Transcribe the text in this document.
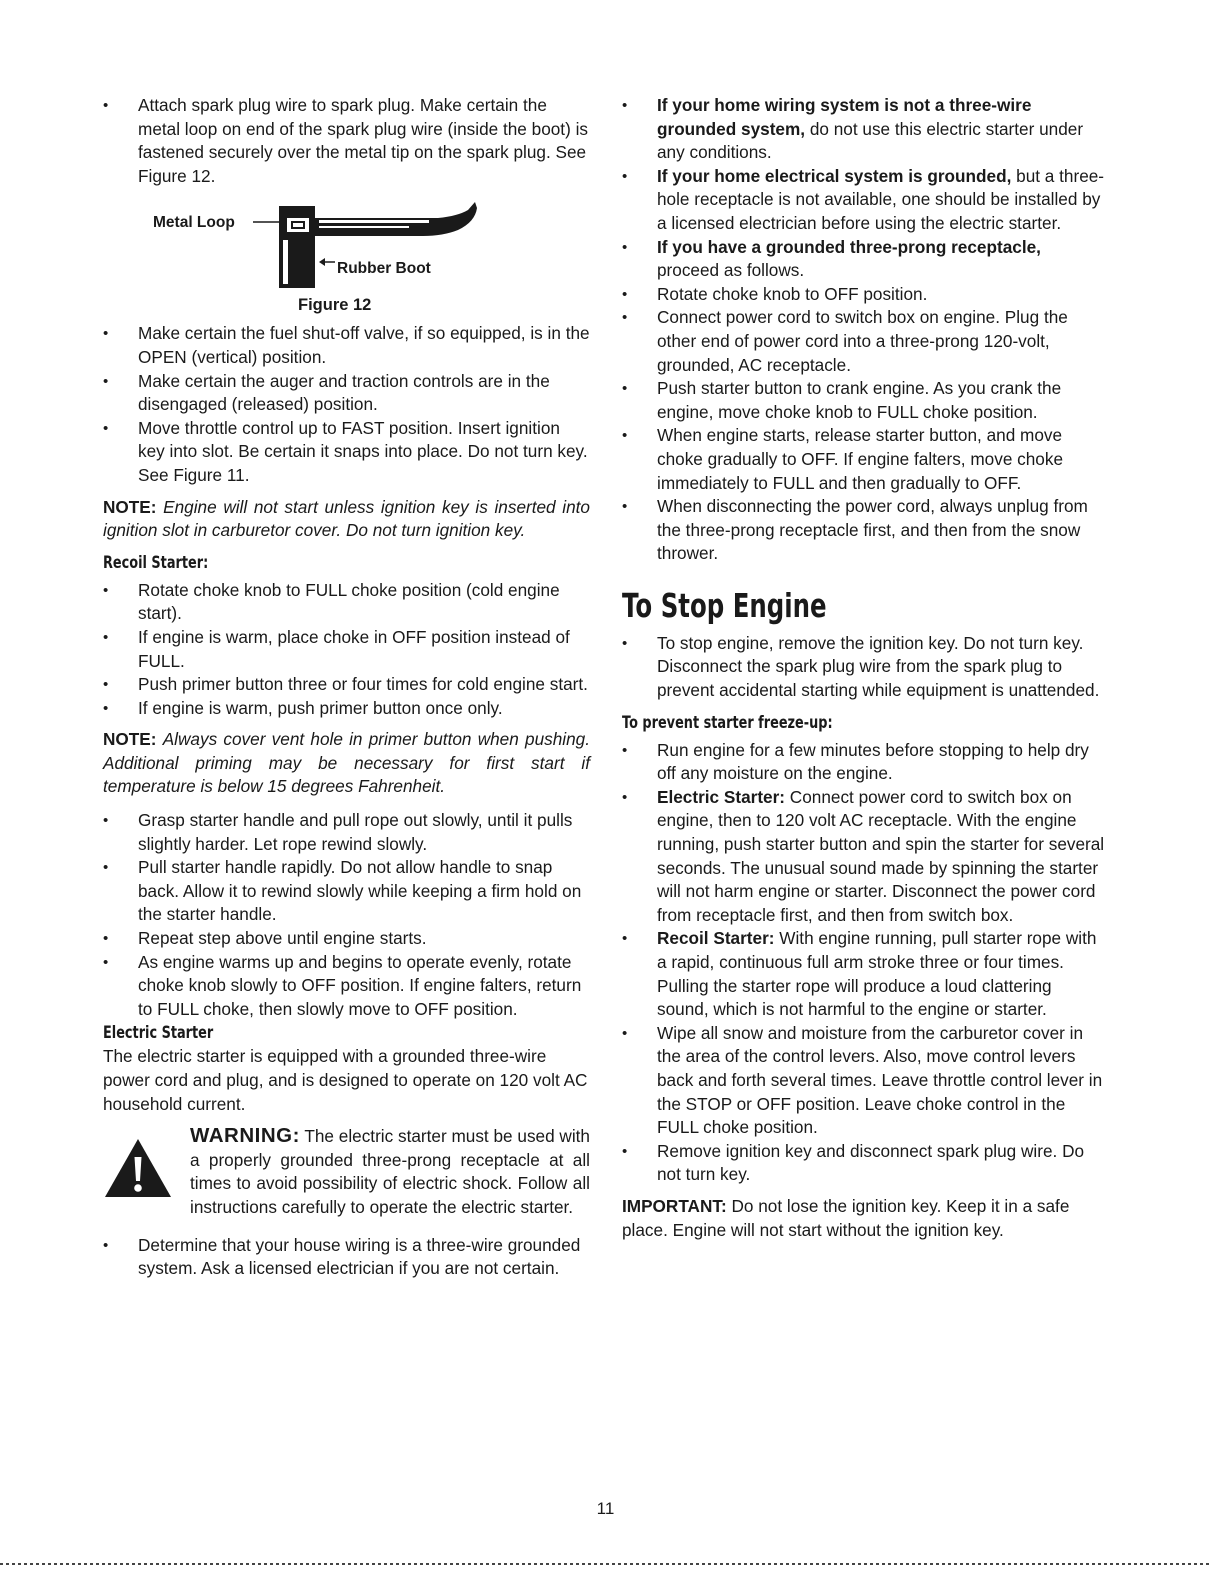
• Attach spark plug wire to spark plug. Make certain the metal loop on end of the spark plug wire (inside the boot) is fastened securely over the metal tip on the spark plug. See Figure 12.
Metal Loop
Rubber Boot
Figure 12
• Make certain the fuel shut-off valve, if so equipped, is in the OPEN (vertical) position.
• Make certain the auger and traction controls are in the disengaged (released) position.
• Move throttle control up to FAST position. Insert ignition key into slot. Be certain it snaps into place. Do not turn key. See Figure 11.

NOTE: Engine will not start unless ignition key is inserted into ignition slot in carburetor cover. Do not turn ignition key.

Recoil Starter:

• Rotate choke knob to FULL choke position (cold engine start).
• If engine is warm, place choke in OFF position instead of FULL.
• Push primer button three or four times for cold engine start.
• If engine is warm, push primer button once only.

NOTE: Always cover vent hole in primer button when pushing. Additional priming may be necessary for first start if temperature is below 15 degrees Fahrenheit.

• Grasp starter handle and pull rope out slowly, until it pulls slightly harder. Let rope rewind slowly.
• Pull starter handle rapidly. Do not allow handle to snap back. Allow it to rewind slowly while keeping a firm hold on the starter handle.
• Repeat step above until engine starts.
• As engine warms up and begins to operate evenly, rotate choke knob slowly to OFF position. If engine falters, return to FULL choke, then slowly move to OFF position.

Electric Starter

The electric starter is equipped with a grounded three-wire power cord and plug, and is designed to operate on 120 volt AC household current.

WARNING: The electric starter must be used with a properly grounded three-prong receptacle at all times to avoid possibility of electric shock. Follow all instructions carefully to operate the electric starter.
• Determine that your house wiring is a three-wire grounded system. Ask a licensed electrician if you are not certain.
• If your home wiring system is not a three-wire grounded system, do not use this electric starter under any conditions.
• If your home electrical system is grounded, but a three-hole receptacle is not available, one should be installed by a licensed electrician before using the electric starter.
• If you have a grounded three-prong receptacle, proceed as follows.
• Rotate choke knob to OFF position.
• Connect power cord to switch box on engine. Plug the other end of power cord into a three-prong 120-volt, grounded, AC receptacle.
• Push starter button to crank engine. As you crank the engine, move choke knob to FULL choke position.
• When engine starts, release starter button, and move choke gradually to OFF. If engine falters, move choke immediately to FULL and then gradually to OFF.
• When disconnecting the power cord, always unplug from the three-prong receptacle first, and then from the snow thrower.

To Stop Engine

• To stop engine, remove the ignition key. Do not turn key. Disconnect the spark plug wire from the spark plug to prevent accidental starting while equipment is unattended.

To prevent starter freeze-up:

• Run engine for a few minutes before stopping to help dry off any moisture on the engine.
• Electric Starter: Connect power cord to switch box on engine, then to 120 volt AC receptacle. With the engine running, push starter button and spin the starter for several seconds. The unusual sound made by spinning the starter will not harm engine or starter. Disconnect the power cord from receptacle first, and then from switch box.
• Recoil Starter: With engine running, pull starter rope with a rapid, continuous full arm stroke three or four times. Pulling the starter rope will produce a loud clattering sound, which is not harmful to the engine or starter.
• Wipe all snow and moisture from the carburetor cover in the area of the control levers. Also, move control levers back and forth several times. Leave throttle control lever in the STOP or OFF position. Leave choke control in the FULL choke position.
• Remove ignition key and disconnect spark plug wire. Do not turn key.

IMPORTANT: Do not lose the ignition key. Keep it in a safe place. Engine will not start without the ignition key.

11
